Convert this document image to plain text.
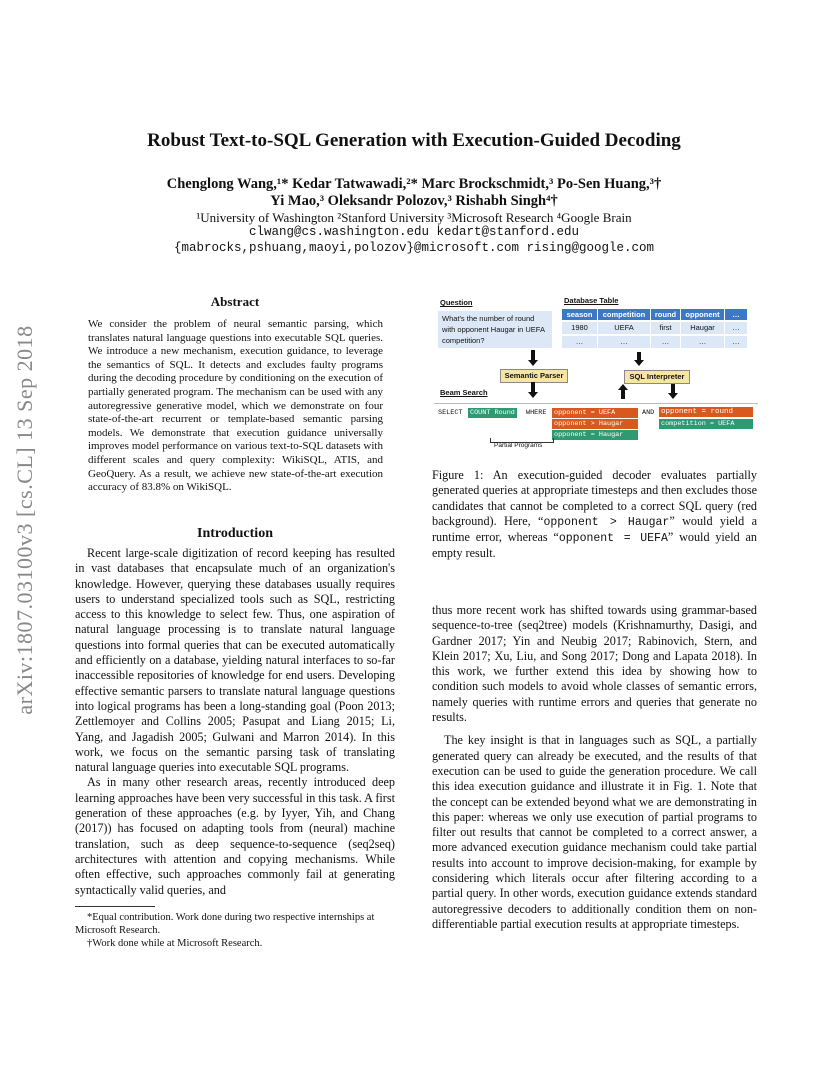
arXiv:1807.03100v3 [cs.CL] 13 Sep 2018
Robust Text-to-SQL Generation with Execution-Guided Decoding
Chenglong Wang,¹* Kedar Tatwawadi,²* Marc Brockschmidt,³ Po-Sen Huang,³†
Yi Mao,³ Oleksandr Polozov,³ Rishabh Singh⁴†
¹University of Washington ²Stanford University ³Microsoft Research ⁴Google Brain
clwang@cs.washington.edu kedart@stanford.edu
{mabrocks,pshuang,maoyi,polozov}@microsoft.com rising@google.com
Abstract
We consider the problem of neural semantic parsing, which translates natural language questions into executable SQL queries. We introduce a new mechanism, execution guidance, to leverage the semantics of SQL. It detects and excludes faulty programs during the decoding procedure by conditioning on the execution of partially generated program. The mechanism can be used with any autoregressive generative model, which we demonstrate on four state-of-the-art recurrent or template-based semantic parsing models. We demonstrate that execution guidance universally improves model performance on various text-to-SQL datasets with different scales and query complexity: WikiSQL, ATIS, and GeoQuery. As a result, we achieve new state-of-the-art execution accuracy of 83.8% on WikiSQL.
Introduction

Recent large-scale digitization of record keeping has resulted in vast databases that encapsulate much of an organization's knowledge. However, querying these databases usually requires users to understand specialized tools such as SQL, restricting access to this knowledge to select few. Thus, one aspiration of natural language processing is to translate natural language questions into formal queries that can be executed automatically and efficiently on a database, yielding natural interfaces to so-far inaccessible repositories of knowledge for end users. Developing effective semantic parsers to translate natural language questions into logical programs has been a long-standing goal (Poon 2013; Zettlemoyer and Collins 2005; Pasupat and Liang 2015; Li, Yang, and Jagadish 2005; Gulwani and Marron 2014). In this work, we focus on the semantic parsing task of translating natural language queries into executable SQL programs.

As in many other research areas, recently introduced deep learning approaches have been very successful in this task. A first generation of these approaches (e.g. by Iyyer, Yih, and Chang (2017)) has focused on adapting tools from (neural) machine translation, such as deep sequence-to-sequence (seq2seq) architectures with attention and copying mechanisms. While often effective, such approaches commonly fail at generating syntactically valid queries, and

*Equal contribution. Work done during two respective internships at Microsoft Research.

†Work done while at Microsoft Research.

Question
What's the number of round with opponent Haugar in UEFA competition?
Database Table
season	competition	round	opponent	…
1980	UEFA	first	Haugar	…
…	…	…	…	…
Semantic Parser	SQL Interpreter
Beam Search
SELECT COUNT Round WHERE opponent = UEFA
opponent > Haugar
opponent = Haugar
AND opponent = round
competition = UEFA
Partial Programs
Figure 1: An execution-guided decoder evaluates partially generated queries at appropriate timesteps and then excludes those candidates that cannot be completed to a correct SQL query (red background). Here, “opponent > Haugar” would yield a runtime error, whereas “opponent = UEFA” would yield an empty result.

thus more recent work has shifted towards using grammar-based sequence-to-tree (seq2tree) models (Krishnamurthy, Dasigi, and Gardner 2017; Yin and Neubig 2017; Rabinovich, Stern, and Klein 2017; Xu, Liu, and Song 2017; Dong and Lapata 2018). In this work, we further extend this idea by showing how to condition such models to avoid whole classes of semantic errors, namely queries with runtime errors and queries that generate no results.

The key insight is that in languages such as SQL, a partially generated query can already be executed, and the results of that execution can be used to guide the generation procedure. We call this idea execution guidance and illustrate it in Fig. 1. Note that the concept can be extended beyond what we are demonstrating in this paper: whereas we only use execution of partial programs to filter out results that cannot be completed to a correct answer, a more advanced execution guidance mechanism could take partial results into account to improve decision-making, for example by considering which literals occur after filtering according to a partial query. In other words, execution guidance extends standard autoregressive decoders to additionally condition them on non-differentiable partial execution results at appropriate timesteps.
